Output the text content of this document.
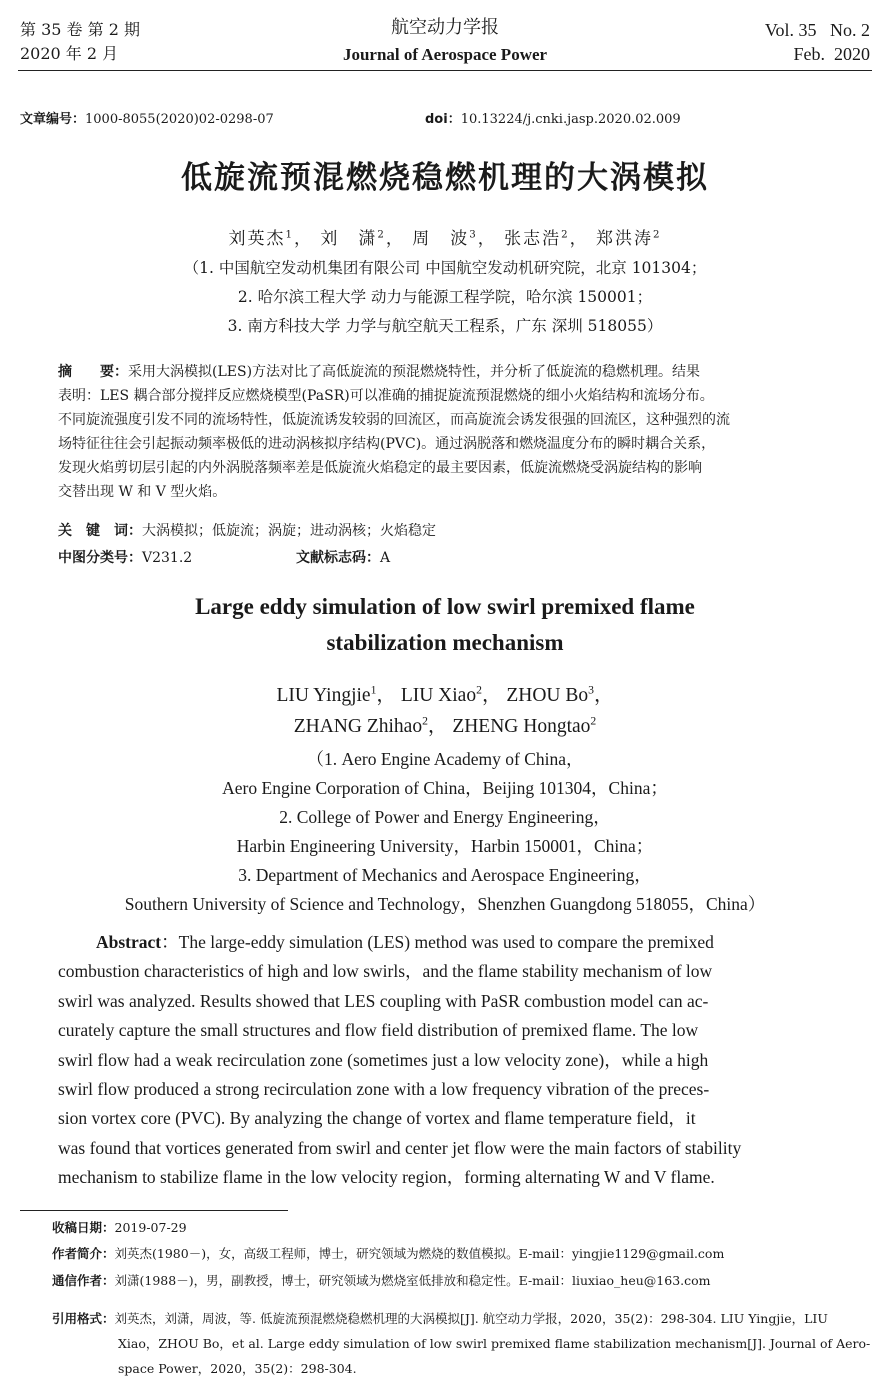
第 35 卷 第 2 期
2020 年 2 月
航空动力学报
Journal of Aerospace Power
Vol. 35   No. 2
Feb.  2020
文章编号：1000-8055(2020)02-0298-07	doi：10.13224/j.cnki.jasp.2020.02.009
低旋流预混燃烧稳燃机理的大涡模拟
刘英杰$^1$， 刘　潇$^2$， 周　波$^3$， 张志浩$^2$， 郑洪涛$^2$
（1. 中国航空发动机集团有限公司 中国航空发动机研究院，北京 101304；
2. 哈尔滨工程大学 动力与能源工程学院，哈尔滨 150001；
3. 南方科技大学 力学与航空航天工程系，广东 深圳 518055）
摘　　要：采用大涡模拟(LES)方法对比了高低旋流的预混燃烧特性，并分析了低旋流的稳燃机理。结果
表明：LES 耦合部分搅拌反应燃烧模型(PaSR)可以准确的捕捉旋流预混燃烧的细小火焰结构和流场分布。
不同旋流强度引发不同的流场特性，低旋流诱发较弱的回流区，而高旋流会诱发很强的回流区，这种强烈的流
场特征往往会引起振动频率极低的进动涡核拟序结构(PVC)。通过涡脱落和燃烧温度分布的瞬时耦合关系，
发现火焰剪切层引起的内外涡脱落频率差是低旋流火焰稳定的最主要因素，低旋流燃烧受涡旋结构的影响
交替出现 W 和 V 型火焰。
关　键　词：大涡模拟；低旋流；涡旋；进动涡核；火焰稳定
中图分类号：V231.2	文献标志码：A
Large eddy simulation of low swirl premixed flame
stabilization mechanism
LIU Yingjie$^1$， LIU Xiao$^2$， ZHOU Bo$^3$，
ZHANG Zhihao$^2$， ZHENG Hongtao$^2$
（1. Aero Engine Academy of China，
Aero Engine Corporation of China，Beijing 101304，China；
2. College of Power and Energy Engineering，
Harbin Engineering University，Harbin 150001，China；
3. Department of Mechanics and Aerospace Engineering，
Southern University of Science and Technology，Shenzhen Guangdong 518055，China）
Abstract：The large-eddy simulation (LES) method was used to compare the premixed
combustion characteristics of high and low swirls，and the flame stability mechanism of low
swirl was analyzed. Results showed that LES coupling with PaSR combustion model can ac-
curately capture the small structures and flow field distribution of premixed flame. The low
swirl flow had a weak recirculation zone (sometimes just a low velocity zone)，while a high
swirl flow produced a strong recirculation zone with a low frequency vibration of the preces-
sion vortex core (PVC). By analyzing the change of vortex and flame temperature field，it
was found that vortices generated from swirl and center jet flow were the main factors of stability
mechanism to stabilize flame in the low velocity region，forming alternating W and V flame.
收稿日期：2019-07-29
作者简介：刘英杰(1980－)，女，高级工程师，博士，研究领域为燃烧的数值模拟。E-mail：yingjie1129@gmail.com
通信作者：刘潇(1988－)，男，副教授，博士，研究领域为燃烧室低排放和稳定性。E-mail：liuxiao_heu@163.com
引用格式：刘英杰，刘潇，周波，等. 低旋流预混燃烧稳燃机理的大涡模拟[J]. 航空动力学报，2020，35(2)：298-304. LIU Yingjie，LIU
Xiao，ZHOU Bo，et al. Large eddy simulation of low swirl premixed flame stabilization mechanism[J]. Journal of Aero-
space Power，2020，35(2)：298-304.
